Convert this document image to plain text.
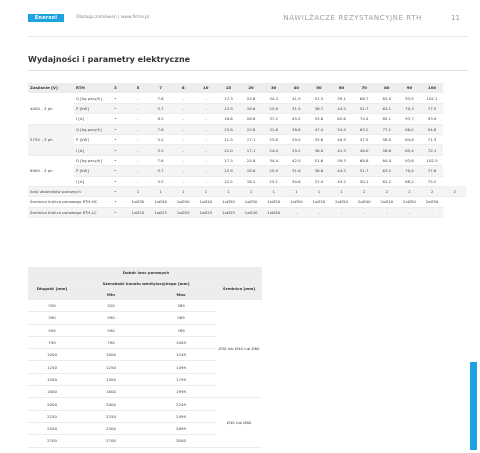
Enersol	Obsługa zamówień | www.firma.pl	NAWILŻACZE REZYSTANCYJNE RTH	11
Wydajności i parametry elektryczne
Zasilanie [V]	RTH	3	5	7	8	10	15	20	30	40	50	60	70	80	90	100	
400V - 3 ph	Q [kg pary/h]	•	-	7.6	-	-	17.3	24.8	34.4	41.9	51.5	59.1	68.7	83.9	93,5	102.1	
	P [kW]	•	-	5.7	-	-	12.9	18.6	25.8	31.5	38.7	44.5	51.7	63.1	70,3	77.5	
	I [A]	•	-	8.3	-	-	18.6	26.8	37.2	45.5	55.8	62.6	74.4	85.1	93,7	93.9	
575V - 3 ph	Q [kg pary/h]	•	-	7.6	-	-	15.8	22.8	31.6	38.6	47.4	54.4	63.2	77.1	86,0	94.8	
	P [kW]	•	-	5.2	-	-	11.9	17.1	23.8	29.0	35.6	40.9	47.5	58.0	64,6	71.3	
	I [A]	•	-	5.3	-	-	12.0	17.1	24.0	29.2	36.0	41.3	48.0	58.6	65,4	72.1	
690V - 3 ph	Q [kg pary/h]	•	-	7.6	-	-	17.3	24.8	34.4	42.0	51.6	59.3	68.8	84.0	93,6	102.5	
	P [kW]	•	-	5.7	-	-	12.9	18.6	25.9	31.6	38.8	44.5	51.7	63.2	70,4	77.6	
	I [A]	•	-	5.5	-	-	12.5	18.1	25.1	30.6	37.4	43.2	50.1	61.2	68,2	75.2	
Ilość zbiorników parowych		•	1	1	1	1	1	1	1	1	1	1	2	2	2	2	2
Średnica króćca parowego RTH-HC		•	1xØ30	1xØ40	1xØ40	1xØ40	1xØ50	1xØ50	1xØ50	1xØ50	1xØ50	2xØ50	2xØ40	2xØ40	2xØ50	2xØ50	
Średnica króćca parowego RTH-LC		•	1xØ25	1xØ25	1xØ25	1xØ25	1xØ25	1xØ40	1xØ40	-	-	-	-	-	-	-	
	Dobór lanc parowych		
Długość [mm]	Szerokość kanału wentylacyjnego [mm]		Średnica [mm]
	Min	Max	
350	320	389	Ø30 lub Ø40 lub Ø60
390	390	589	
590	590	789	
790	790	1009	
1000	1000	1249	
1250	1250	1499	
1500	1500	1799	
1800	1800	1999	
2000	2000	2249	Ø40 lub Ø60
2250	2250	2499	
2500	2500	2699	
2700	2700	3000	
